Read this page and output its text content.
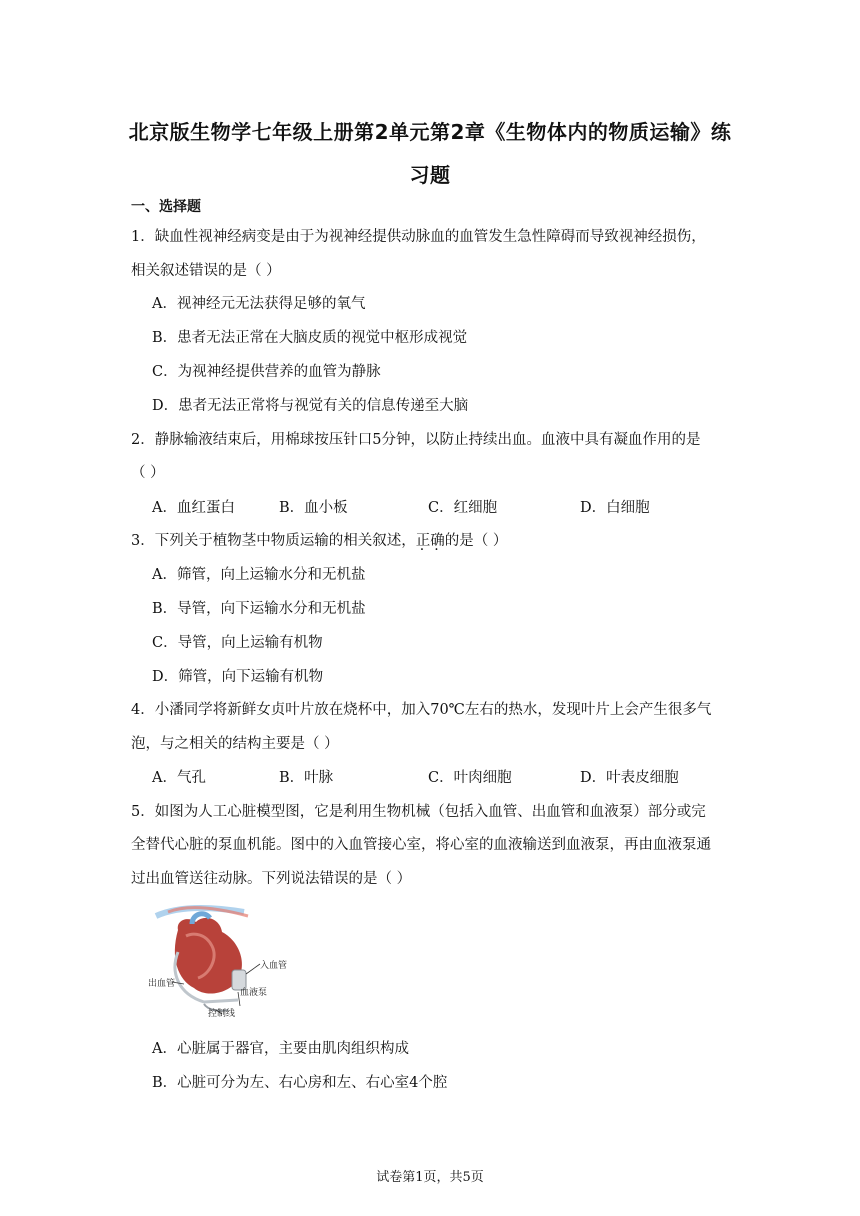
北京版生物学七年级上册第2单元第2章《生物体内的物质运输》练
习题
一、选择题
1．缺血性视神经病变是由于为视神经提供动脉血的血管发生急性障碍而导致视神经损伤，
相关叙述错误的是（ ）
A．视神经元无法获得足够的氧气
B．患者无法正常在大脑皮质的视觉中枢形成视觉
C．为视神经提供营养的血管为静脉
D．患者无法正常将与视觉有关的信息传递至大脑
2．静脉输液结束后，用棉球按压针口5分钟，以防止持续出血。血液中具有凝血作用的是
（ ）
A．血红蛋白	B．血小板	C．红细胞	D．白细胞
3．下列关于植物茎中物质运输的相关叙述，正确的是（ ）
A．筛管，向上运输水分和无机盐
B．导管，向下运输水分和无机盐
C．导管，向上运输有机物
D．筛管，向下运输有机物
4．小潘同学将新鲜女贞叶片放在烧杯中，加入70℃左右的热水，发现叶片上会产生很多气
泡，与之相关的结构主要是（ ）
A．气孔	B．叶脉	C．叶肉细胞	D．叶表皮细胞
5．如图为人工心脏模型图，它是利用生物机械（包括入血管、出血管和血液泵）部分或完
全替代心脏的泵血机能。图中的入血管接心室，将心室的血液输送到血液泵，再由血液泵通
过出血管送往动脉。下列说法错误的是（ ）
入血管
出血管
血液泵
控制线
A．心脏属于器官，主要由肌肉组织构成
B．心脏可分为左、右心房和左、右心室4个腔
试卷第1页，共5页
